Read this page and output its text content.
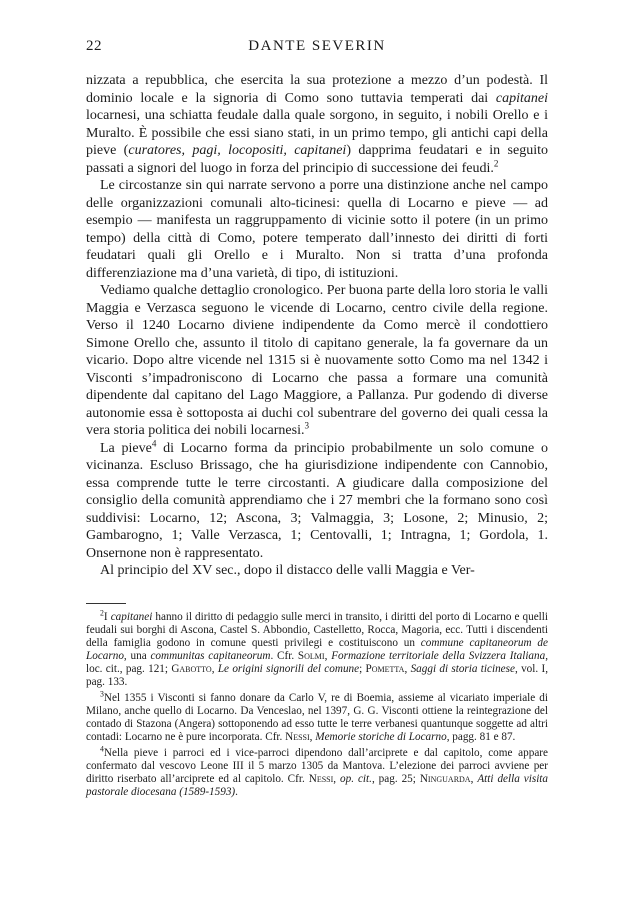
22	DANTE SEVERIN

nizzata a repubblica, che esercita la sua protezione a mezzo d’un podestà. Il dominio locale e la signoria di Como sono tuttavia temperati dai capitanei locarnesi, una schiatta feudale dalla quale sorgono, in seguito, i nobili Orello e i Muralto. È possibile che essi siano stati, in un primo tempo, gli antichi capi della pieve (curatores, pagi, locopositi, capitanei) dapprima feudatari e in seguito passati a signori del luogo in forza del principio di successione dei feudi.$^2$

Le circostanze sin qui narrate servono a porre una distinzione anche nel campo delle organizzazioni comunali alto-ticinesi: quella di Locarno e pieve — ad esempio — manifesta un raggruppamento di vicinie sotto il potere (in un primo tempo) della città di Como, potere temperato dall’innesto dei diritti di forti feudatari quali gli Orello e i Muralto. Non si tratta d’una profonda differenziazione ma d’una varietà, di tipo, di istituzioni.

Vediamo qualche dettaglio cronologico. Per buona parte della loro storia le valli Maggia e Verzasca seguono le vicende di Locarno, centro civile della regione. Verso il 1240 Locarno diviene indipendente da Como mercè il condottiero Simone Orello che, assunto il titolo di capitano generale, la fa governare da un vicario. Dopo altre vicende nel 1315 si è nuovamente sotto Como ma nel 1342 i Visconti s’impadroniscono di Locarno che passa a formare una comunità dipendente dal capitano del Lago Maggiore, a Pallanza. Pur godendo di diverse autonomie essa è sottoposta ai duchi col subentrare del governo dei quali cessa la vera storia politica dei nobili locarnesi.$^3$

La pieve$^4$ di Locarno forma da principio probabilmente un solo comune o vicinanza. Escluso Brissago, che ha giurisdizione indipendente con Cannobio, essa comprende tutte le terre circostanti. A giudicare dalla composizione del consiglio della comunità apprendiamo che i 27 membri che la formano sono così suddivisi: Locarno, 12; Ascona, 3; Valmaggia, 3; Losone, 2; Minusio, 2; Gambarogno, 1; Valle Verzasca, 1; Centovalli, 1; Intragna, 1; Gordola, 1. Onsernone non è rappresentato.

Al principio del XV sec., dopo il distacco delle valli Maggia e Ver-

$^2$I capitanei hanno il diritto di pedaggio sulle merci in transito, i diritti del porto di Locarno e quelli feudali sui borghi di Ascona, Castel S. Abbondio, Castelletto, Rocca, Magoria, ecc. Tutti i discendenti della famiglia godono in comune questi privilegi e costituiscono un commune capitaneorum de Locarno, una communitas capitaneorum. Cfr. Solmi, Formazione territoriale della Svizzera Italiana, loc. cit., pag. 121; Gabotto, Le origini signorili del comune; Pometta, Saggi di storia ticinese, vol. I, pag. 133.

$^3$Nel 1355 i Visconti si fanno donare da Carlo V, re di Boemia, assieme al vicariato imperiale di Milano, anche quello di Locarno. Da Venceslao, nel 1397, G. G. Visconti ottiene la reintegrazione del contado di Stazona (Angera) sottoponendo ad esso tutte le terre verbanesi quantunque soggette ad altri contadi: Locarno ne è pure incorporata. Cfr. Nessi, Memorie storiche di Locarno, pagg. 81 e 87.

$^4$Nella pieve i parroci ed i vice-parroci dipendono dall’arciprete e dal capitolo, come appare confermato dal vescovo Leone III il 5 marzo 1305 da Mantova. L’elezione dei parroci avviene per diritto riserbato all’arciprete ed al capitolo. Cfr. Nessi, op. cit., pag. 25; Ninguarda, Atti della visita pastorale diocesana (1589-1593).
